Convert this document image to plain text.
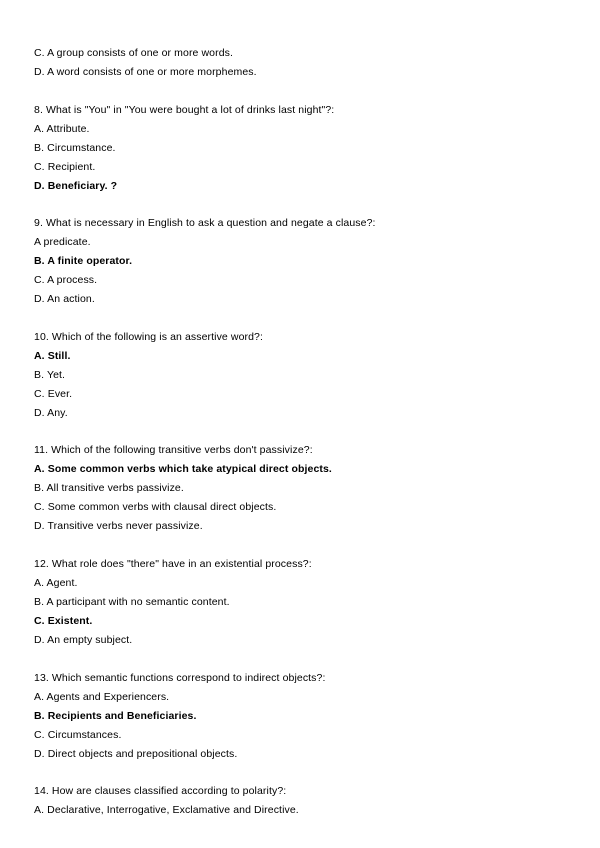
C. A group consists of one or more words.
D. A word consists of one or more morphemes.
8. What is "You" in "You were bought a lot of drinks last night"?:
A. Attribute.
B. Circumstance.
C. Recipient.
D. Beneficiary. ?
9. What is necessary in English to ask a question and negate a clause?:
A predicate.
B. A finite operator.
C. A process.
D. An action.
10. Which of the following is an assertive word?:
A. Still.
B. Yet.
C. Ever.
D. Any.
11. Which of the following transitive verbs don't passivize?:
A. Some common verbs which take atypical direct objects.
B. All transitive verbs passivize.
C. Some common verbs with clausal direct objects.
D. Transitive verbs never passivize.
12. What role does "there" have in an existential process?:
A. Agent.
B. A participant with no semantic content.
C. Existent.
D. An empty subject.
13. Which semantic functions correspond to indirect objects?:
A. Agents and Experiencers.
B. Recipients and Beneficiaries.
C. Circumstances.
D. Direct objects and prepositional objects.
14. How are clauses classified according to polarity?:
A. Declarative, Interrogative, Exclamative and Directive.
